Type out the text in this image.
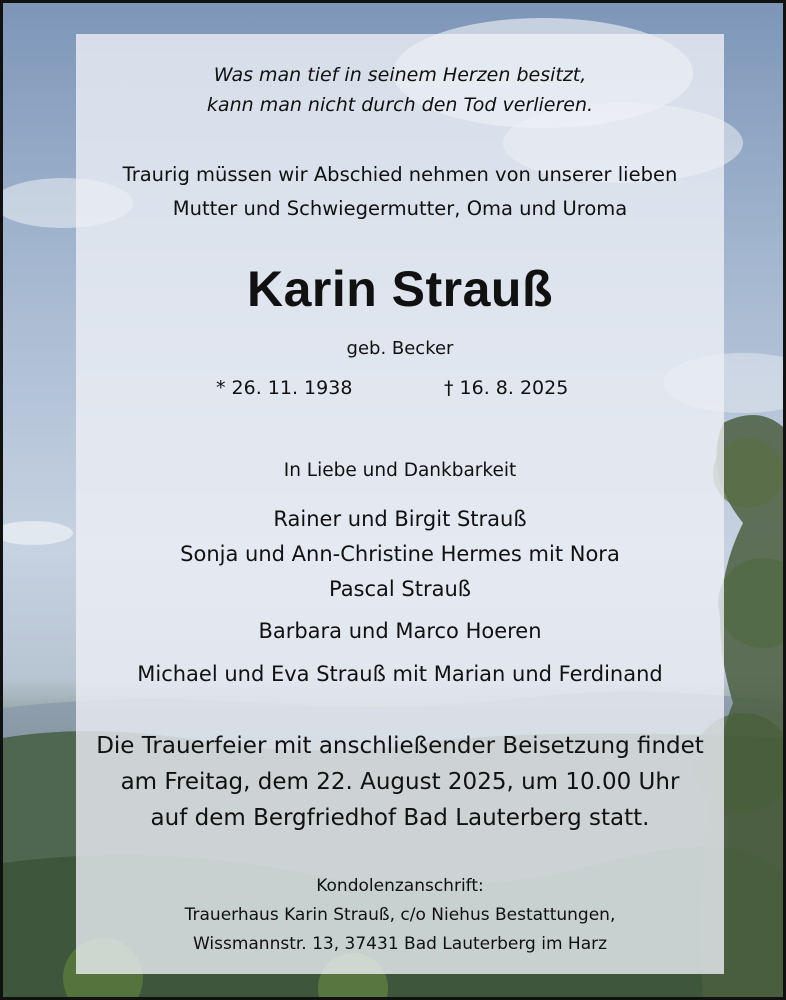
Was man tief in seinem Herzen besitzt,
kann man nicht durch den Tod verlieren.
Traurig müssen wir Abschied nehmen von unserer lieben
Mutter und Schwiegermutter, Oma und Uroma
Karin Strauß
geb. Becker
* 26. 11. 1938	† 16. 8. 2025
In Liebe und Dankbarkeit
Rainer und Birgit Strauß
Sonja und Ann-Christine Hermes mit Nora
Pascal Strauß
Barbara und Marco Hoeren
Michael und Eva Strauß mit Marian und Ferdinand
Die Trauerfeier mit anschließender Beisetzung findet
am Freitag, dem 22. August 2025, um 10.00 Uhr
auf dem Bergfriedhof Bad Lauterberg statt.
Kondolenzanschrift:
Trauerhaus Karin Strauß, c/o Niehus Bestattungen,
Wissmannstr. 13, 37431 Bad Lauterberg im Harz
